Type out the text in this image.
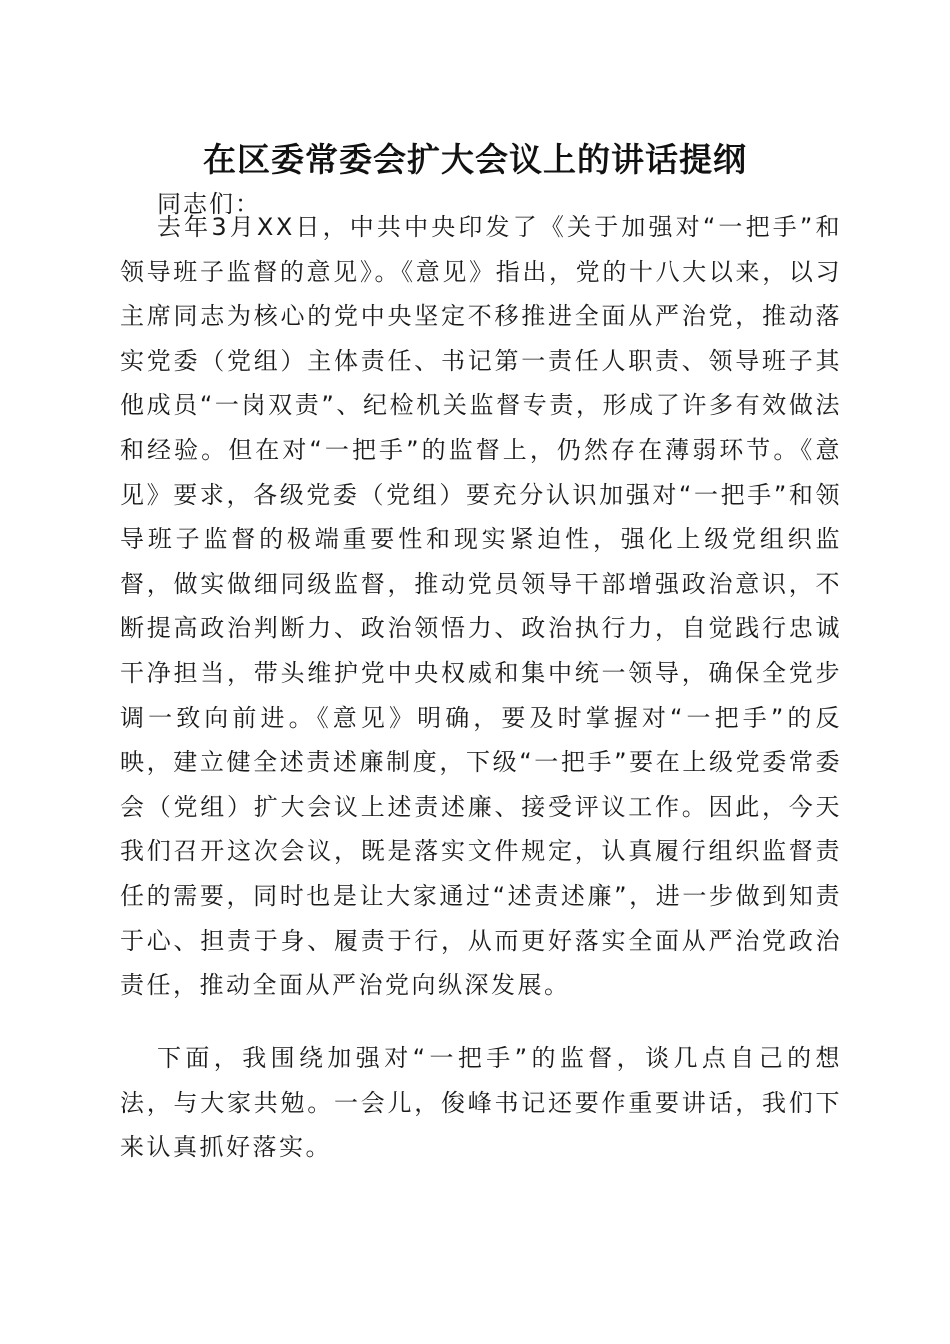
在区委常委会扩大会议上的讲话提纲

同志们：

去年3月XX日，中共中央印发了《关于加强对“一把手”和领导班子监督的意见》。《意见》指出，党的十八大以来，以习主席同志为核心的党中央坚定不移推进全面从严治党，推动落实党委（党组）主体责任、书记第一责任人职责、领导班子其他成员“一岗双责”、纪检机关监督专责，形成了许多有效做法和经验。但在对“一把手”的监督上，仍然存在薄弱环节。《意见》要求，各级党委（党组）要充分认识加强对“一把手”和领导班子监督的极端重要性和现实紧迫性，强化上级党组织监督，做实做细同级监督，推动党员领导干部增强政治意识，不断提高政治判断力、政治领悟力、政治执行力，自觉践行忠诚干净担当，带头维护党中央权威和集中统一领导，确保全党步调一致向前进。《意见》明确，要及时掌握对“一把手”的反映，建立健全述责述廉制度，下级“一把手”要在上级党委常委会（党组）扩大会议上述责述廉、接受评议工作。因此，今天我们召开这次会议，既是落实文件规定，认真履行组织监督责任的需要，同时也是让大家通过“述责述廉”，进一步做到知责于心、担责于身、履责于行，从而更好落实全面从严治党政治责任，推动全面从严治党向纵深发展。

下面，我围绕加强对“一把手”的监督，谈几点自己的想法，与大家共勉。一会儿，俊峰书记还要作重要讲话，我们下来认真抓好落实。
